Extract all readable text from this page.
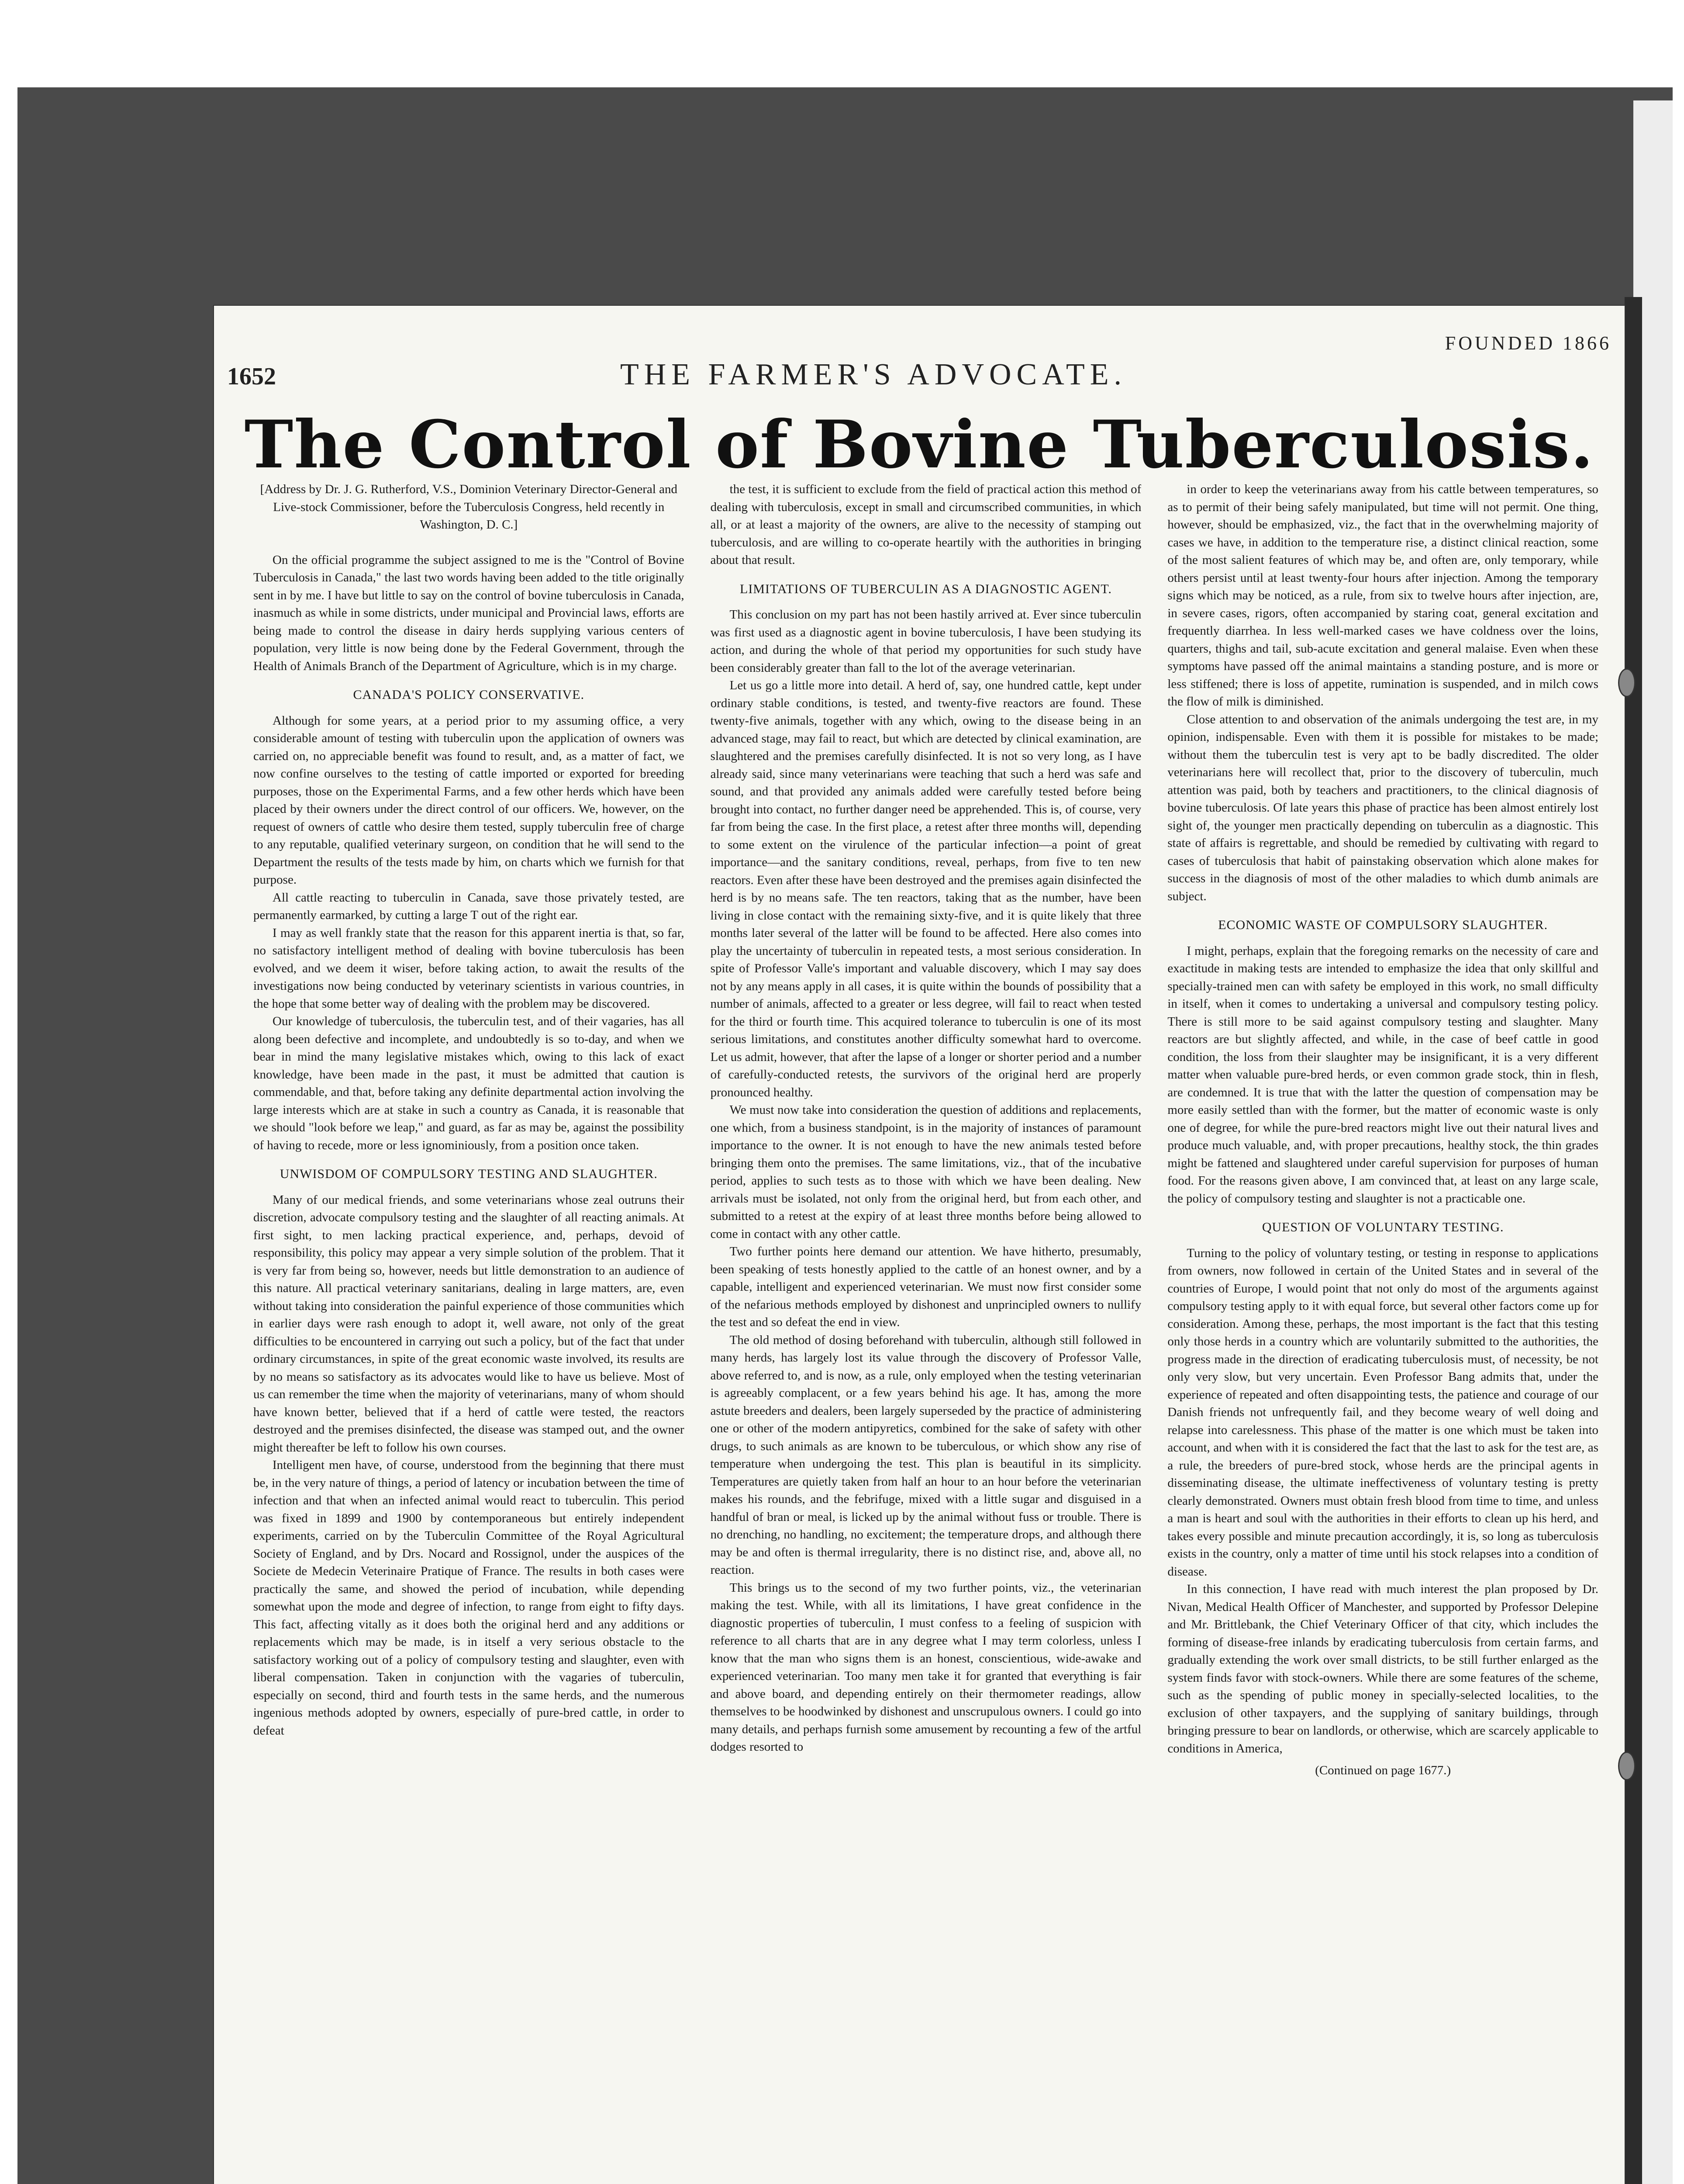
1652	THE FARMER'S ADVOCATE.
FOUNDED 1866
The Control of Bovine Tuberculosis.

[Address by Dr. J. G. Rutherford, V.S., Dominion Veterinary Director-General and Live-stock Commissioner, before the Tuberculosis Congress, held recently in Washington, D. C.]

On the official programme the subject assigned to me is the "Control of Bovine Tuberculosis in Canada," the last two words having been added to the title originally sent in by me. I have but little to say on the control of bovine tuberculosis in Canada, inasmuch as while in some districts, under municipal and Provincial laws, efforts are being made to control the disease in dairy herds supplying various centers of population, very little is now being done by the Federal Government, through the Health of Animals Branch of the Department of Agriculture, which is in my charge.

CANADA'S POLICY CONSERVATIVE.

Although for some years, at a period prior to my assuming office, a very considerable amount of testing with tuberculin upon the application of owners was carried on, no appreciable benefit was found to result, and, as a matter of fact, we now confine ourselves to the testing of cattle imported or exported for breeding purposes, those on the Experimental Farms, and a few other herds which have been placed by their owners under the direct control of our officers. We, however, on the request of owners of cattle who desire them tested, supply tuberculin free of charge to any reputable, qualified veterinary surgeon, on condition that he will send to the Department the results of the tests made by him, on charts which we furnish for that purpose.

All cattle reacting to tuberculin in Canada, save those privately tested, are permanently earmarked, by cutting a large T out of the right ear.

I may as well frankly state that the reason for this apparent inertia is that, so far, no satisfactory intelligent method of dealing with bovine tuberculosis has been evolved, and we deem it wiser, before taking action, to await the results of the investigations now being conducted by veterinary scientists in various countries, in the hope that some better way of dealing with the problem may be discovered.

Our knowledge of tuberculosis, the tuberculin test, and of their vagaries, has all along been defective and incomplete, and undoubtedly is so to-day, and when we bear in mind the many legislative mistakes which, owing to this lack of exact knowledge, have been made in the past, it must be admitted that caution is commendable, and that, before taking any definite departmental action involving the large interests which are at stake in such a country as Canada, it is reasonable that we should "look before we leap," and guard, as far as may be, against the possibility of having to recede, more or less ignominiously, from a position once taken.

UNWISDOM OF COMPULSORY TESTING AND SLAUGHTER.

Many of our medical friends, and some veterinarians whose zeal outruns their discretion, advocate compulsory testing and the slaughter of all reacting animals. At first sight, to men lacking practical experience, and, perhaps, devoid of responsibility, this policy may appear a very simple solution of the problem. That it is very far from being so, however, needs but little demonstration to an audience of this nature. All practical veterinary sanitarians, dealing in large matters, are, even without taking into consideration the painful experience of those communities which in earlier days were rash enough to adopt it, well aware, not only of the great difficulties to be encountered in carrying out such a policy, but of the fact that under ordinary circumstances, in spite of the great economic waste involved, its results are by no means so satisfactory as its advocates would like to have us believe. Most of us can remember the time when the majority of veterinarians, many of whom should have known better, believed that if a herd of cattle were tested, the reactors destroyed and the premises disinfected, the disease was stamped out, and the owner might thereafter be left to follow his own courses.

Intelligent men have, of course, understood from the beginning that there must be, in the very nature of things, a period of latency or incubation between the time of infection and that when an infected animal would react to tuberculin. This period was fixed in 1899 and 1900 by contemporaneous but entirely independent experiments, carried on by the Tuberculin Committee of the Royal Agricultural Society of England, and by Drs. Nocard and Rossignol, under the auspices of the Societe de Medecin Veterinaire Pratique of France. The results in both cases were practically the same, and showed the period of incubation, while depending somewhat upon the mode and degree of infection, to range from eight to fifty days. This fact, affecting vitally as it does both the original herd and any additions or replacements which may be made, is in itself a very serious obstacle to the satisfactory working out of a policy of compulsory testing and slaughter, even with liberal compensation. Taken in conjunction with the vagaries of tuberculin, especially on second, third and fourth tests in the same herds, and the numerous ingenious methods adopted by owners, especially of pure-bred cattle, in order to defeat

the test, it is sufficient to exclude from the field of practical action this method of dealing with tuberculosis, except in small and circumscribed communities, in which all, or at least a majority of the owners, are alive to the necessity of stamping out tuberculosis, and are willing to co-operate heartily with the authorities in bringing about that result.

LIMITATIONS OF TUBERCULIN AS A DIAGNOSTIC AGENT.

This conclusion on my part has not been hastily arrived at. Ever since tuberculin was first used as a diagnostic agent in bovine tuberculosis, I have been studying its action, and during the whole of that period my opportunities for such study have been considerably greater than fall to the lot of the average veterinarian.

Let us go a little more into detail. A herd of, say, one hundred cattle, kept under ordinary stable conditions, is tested, and twenty-five reactors are found. These twenty-five animals, together with any which, owing to the disease being in an advanced stage, may fail to react, but which are detected by clinical examination, are slaughtered and the premises carefully disinfected. It is not so very long, as I have already said, since many veterinarians were teaching that such a herd was safe and sound, and that provided any animals added were carefully tested before being brought into contact, no further danger need be apprehended. This is, of course, very far from being the case. In the first place, a retest after three months will, depending to some extent on the virulence of the particular infection—a point of great importance—and the sanitary conditions, reveal, perhaps, from five to ten new reactors. Even after these have been destroyed and the premises again disinfected the herd is by no means safe. The ten reactors, taking that as the number, have been living in close contact with the remaining sixty-five, and it is quite likely that three months later several of the latter will be found to be affected. Here also comes into play the uncertainty of tuberculin in repeated tests, a most serious consideration. In spite of Professor Valle's important and valuable discovery, which I may say does not by any means apply in all cases, it is quite within the bounds of possibility that a number of animals, affected to a greater or less degree, will fail to react when tested for the third or fourth time. This acquired tolerance to tuberculin is one of its most serious limitations, and constitutes another difficulty somewhat hard to overcome. Let us admit, however, that after the lapse of a longer or shorter period and a number of carefully-conducted retests, the survivors of the original herd are properly pronounced healthy.

We must now take into consideration the question of additions and replacements, one which, from a business standpoint, is in the majority of instances of paramount importance to the owner. It is not enough to have the new animals tested before bringing them onto the premises. The same limitations, viz., that of the incubative period, applies to such tests as to those with which we have been dealing. New arrivals must be isolated, not only from the original herd, but from each other, and submitted to a retest at the expiry of at least three months before being allowed to come in contact with any other cattle.

Two further points here demand our attention. We have hitherto, presumably, been speaking of tests honestly applied to the cattle of an honest owner, and by a capable, intelligent and experienced veterinarian. We must now first consider some of the nefarious methods employed by dishonest and unprincipled owners to nullify the test and so defeat the end in view.

The old method of dosing beforehand with tuberculin, although still followed in many herds, has largely lost its value through the discovery of Professor Valle, above referred to, and is now, as a rule, only employed when the testing veterinarian is agreeably complacent, or a few years behind his age. It has, among the more astute breeders and dealers, been largely superseded by the practice of administering one or other of the modern antipyretics, combined for the sake of safety with other drugs, to such animals as are known to be tuberculous, or which show any rise of temperature when undergoing the test. This plan is beautiful in its simplicity. Temperatures are quietly taken from half an hour to an hour before the veterinarian makes his rounds, and the febrifuge, mixed with a little sugar and disguised in a handful of bran or meal, is licked up by the animal without fuss or trouble. There is no drenching, no handling, no excitement; the temperature drops, and although there may be and often is thermal irregularity, there is no distinct rise, and, above all, no reaction.

This brings us to the second of my two further points, viz., the veterinarian making the test. While, with all its limitations, I have great confidence in the diagnostic properties of tuberculin, I must confess to a feeling of suspicion with reference to all charts that are in any degree what I may term colorless, unless I know that the man who signs them is an honest, conscientious, wide-awake and experienced veterinarian. Too many men take it for granted that everything is fair and above board, and depending entirely on their thermometer readings, allow themselves to be hoodwinked by dishonest and unscrupulous owners. I could go into many details, and perhaps furnish some amusement by recounting a few of the artful dodges resorted to

in order to keep the veterinarians away from his cattle between temperatures, so as to permit of their being safely manipulated, but time will not permit. One thing, however, should be emphasized, viz., the fact that in the overwhelming majority of cases we have, in addition to the temperature rise, a distinct clinical reaction, some of the most salient features of which may be, and often are, only temporary, while others persist until at least twenty-four hours after injection. Among the temporary signs which may be noticed, as a rule, from six to twelve hours after injection, are, in severe cases, rigors, often accompanied by staring coat, general excitation and frequently diarrhea. In less well-marked cases we have coldness over the loins, quarters, thighs and tail, sub-acute excitation and general malaise. Even when these symptoms have passed off the animal maintains a standing posture, and is more or less stiffened; there is loss of appetite, rumination is suspended, and in milch cows the flow of milk is diminished.

Close attention to and observation of the animals undergoing the test are, in my opinion, indispensable. Even with them it is possible for mistakes to be made; without them the tuberculin test is very apt to be badly discredited. The older veterinarians here will recollect that, prior to the discovery of tuberculin, much attention was paid, both by teachers and practitioners, to the clinical diagnosis of bovine tuberculosis. Of late years this phase of practice has been almost entirely lost sight of, the younger men practically depending on tuberculin as a diagnostic. This state of affairs is regrettable, and should be remedied by cultivating with regard to cases of tuberculosis that habit of painstaking observation which alone makes for success in the diagnosis of most of the other maladies to which dumb animals are subject.

ECONOMIC WASTE OF COMPULSORY SLAUGHTER.

I might, perhaps, explain that the foregoing remarks on the necessity of care and exactitude in making tests are intended to emphasize the idea that only skillful and specially-trained men can with safety be employed in this work, no small difficulty in itself, when it comes to undertaking a universal and compulsory testing policy. There is still more to be said against compulsory testing and slaughter. Many reactors are but slightly affected, and while, in the case of beef cattle in good condition, the loss from their slaughter may be insignificant, it is a very different matter when valuable pure-bred herds, or even common grade stock, thin in flesh, are condemned. It is true that with the latter the question of compensation may be more easily settled than with the former, but the matter of economic waste is only one of degree, for while the pure-bred reactors might live out their natural lives and produce much valuable, and, with proper precautions, healthy stock, the thin grades might be fattened and slaughtered under careful supervision for purposes of human food. For the reasons given above, I am convinced that, at least on any large scale, the policy of compulsory testing and slaughter is not a practicable one.

QUESTION OF VOLUNTARY TESTING.

Turning to the policy of voluntary testing, or testing in response to applications from owners, now followed in certain of the United States and in several of the countries of Europe, I would point that not only do most of the arguments against compulsory testing apply to it with equal force, but several other factors come up for consideration. Among these, perhaps, the most important is the fact that this testing only those herds in a country which are voluntarily submitted to the authorities, the progress made in the direction of eradicating tuberculosis must, of necessity, be not only very slow, but very uncertain. Even Professor Bang admits that, under the experience of repeated and often disappointing tests, the patience and courage of our Danish friends not unfrequently fail, and they become weary of well doing and relapse into carelessness. This phase of the matter is one which must be taken into account, and when with it is considered the fact that the last to ask for the test are, as a rule, the breeders of pure-bred stock, whose herds are the principal agents in disseminating disease, the ultimate ineffectiveness of voluntary testing is pretty clearly demonstrated. Owners must obtain fresh blood from time to time, and unless a man is heart and soul with the authorities in their efforts to clean up his herd, and takes every possible and minute precaution accordingly, it is, so long as tuberculosis exists in the country, only a matter of time until his stock relapses into a condition of disease.

In this connection, I have read with much interest the plan proposed by Dr. Nivan, Medical Health Officer of Manchester, and supported by Professor Delepine and Mr. Brittlebank, the Chief Veterinary Officer of that city, which includes the forming of disease-free inlands by eradicating tuberculosis from certain farms, and gradually extending the work over small districts, to be still further enlarged as the system finds favor with stock-owners. While there are some features of the scheme, such as the spending of public money in specially-selected localities, to the exclusion of other taxpayers, and the supplying of sanitary buildings, through bringing pressure to bear on landlords, or otherwise, which are scarcely applicable to conditions in America,

(Continued on page 1677.)
